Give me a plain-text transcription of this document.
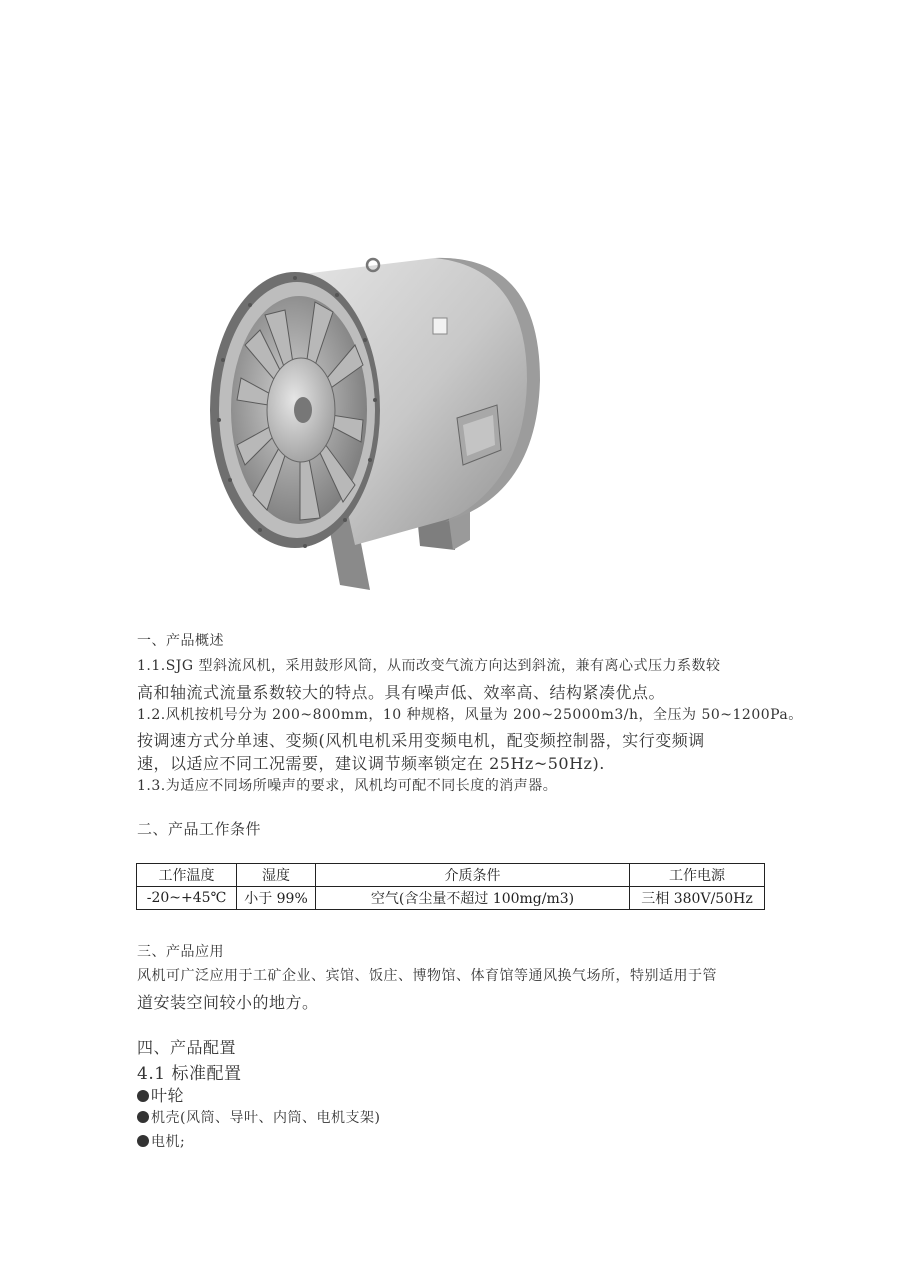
一、产品概述
1.1.SJG 型斜流风机，采用鼓形风筒，从而改变气流方向达到斜流，兼有离心式压力系数较
高和轴流式流量系数较大的特点。具有噪声低、效率高、结构紧凑优点。
1.2.风机按机号分为 200~800mm，10 种规格，风量为 200~25000m3/h，全压为 50~1200Pa。
按调速方式分单速、变频(风机电机采用变频电机，配变频控制器，实行变频调
速，以适应不同工况需要，建议调节频率锁定在 25Hz~50Hz).
1.3.为适应不同场所噪声的要求，风机均可配不同长度的消声器。
二、产品工作条件
工作温度	湿度	介质条件	工作电源
-20~+45℃	小于 99%	空气(含尘量不超过 100mg/m3)	三相 380V/50Hz
三、产品应用
风机可广泛应用于工矿企业、宾馆、饭庄、博物馆、体育馆等通风换气场所，特别适用于管
道安装空间较小的地方。
四、产品配置
4.1 标准配置
叶轮
机壳(风筒、导叶、内筒、电机支架)
电机;
